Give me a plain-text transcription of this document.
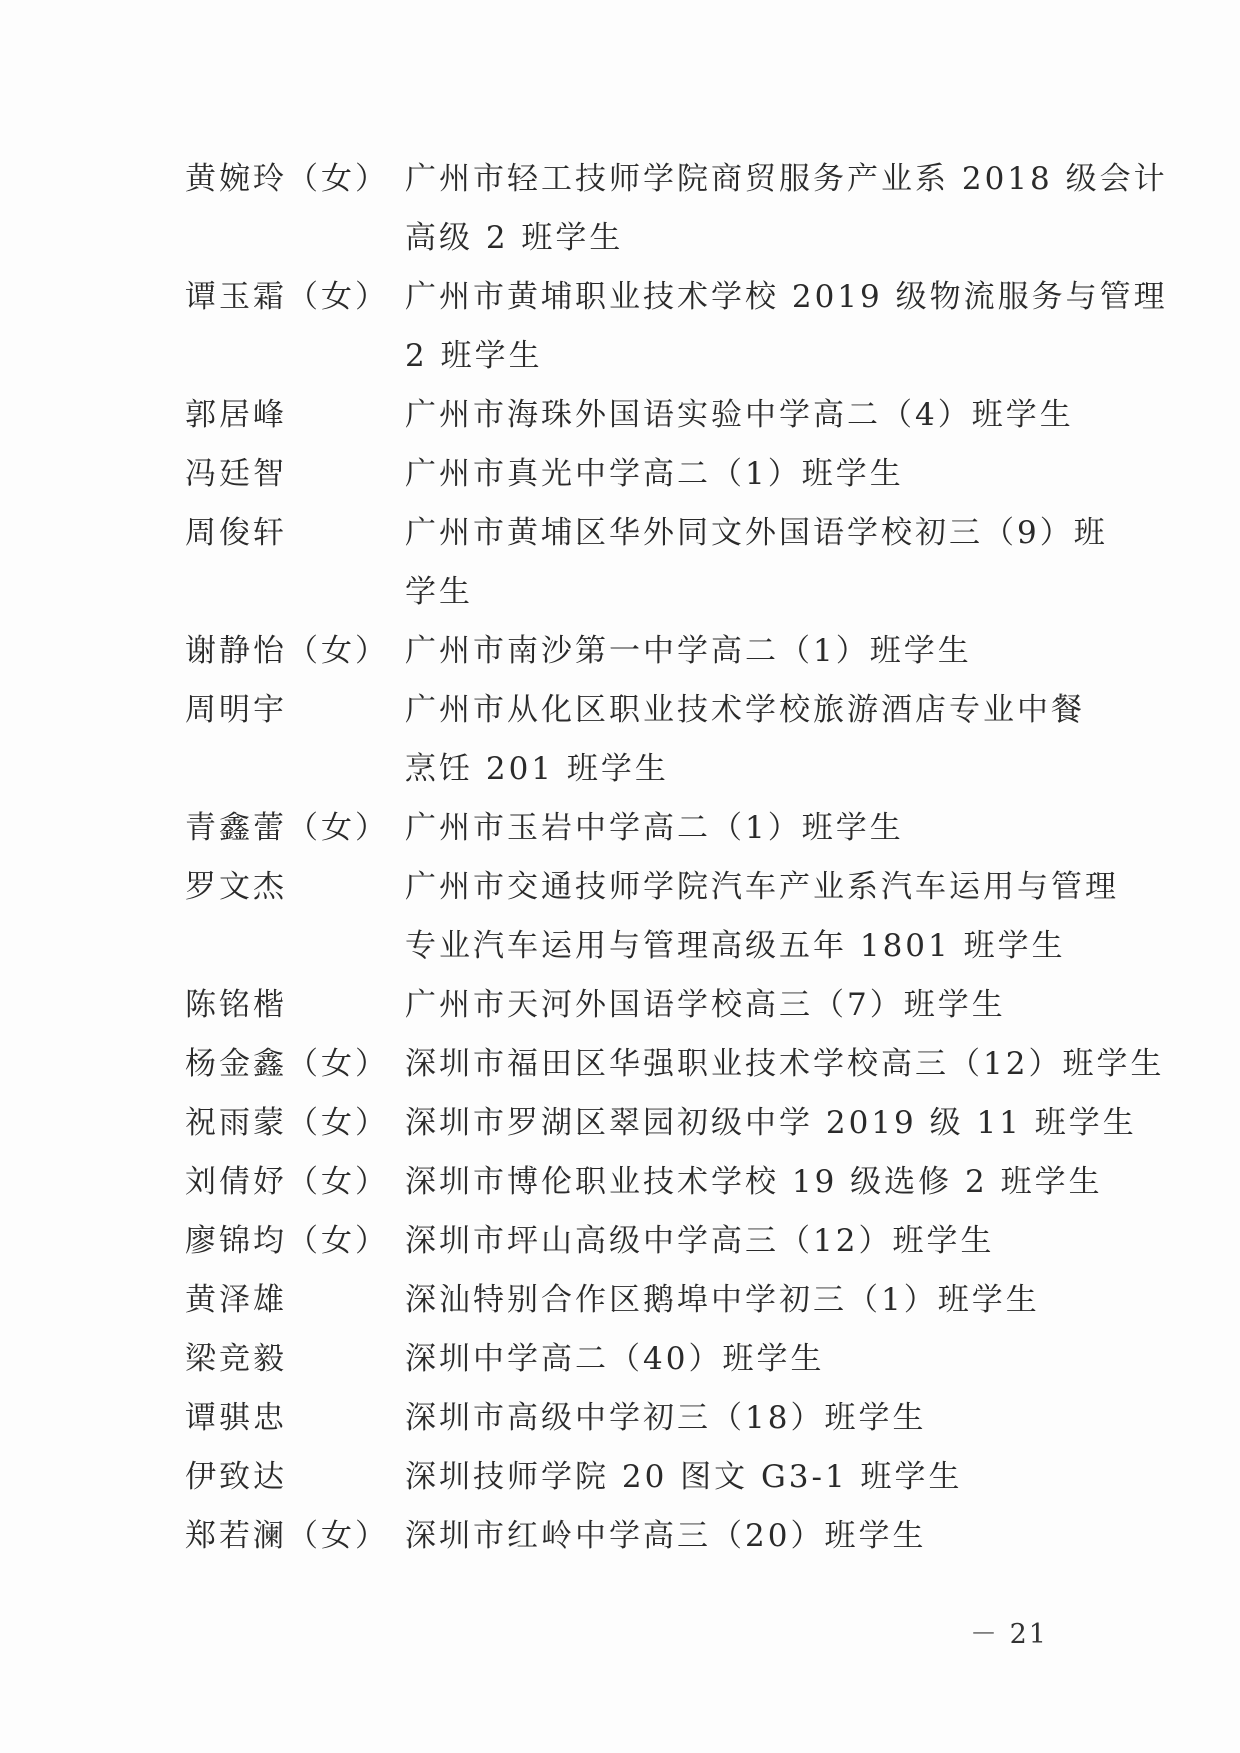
黄婉玲（女） 广州市轻工技师学院商贸服务产业系 2018 级会计
高级 2 班学生
谭玉霜（女） 广州市黄埔职业技术学校 2019 级物流服务与管理
2 班学生
郭居峰	广州市海珠外国语实验中学高二（4）班学生
冯廷智	广州市真光中学高二（1）班学生
周俊轩	广州市黄埔区华外同文外国语学校初三（9）班
学生
谢静怡（女） 广州市南沙第一中学高二（1）班学生
周明宇	广州市从化区职业技术学校旅游酒店专业中餐
烹饪 201 班学生
青鑫蕾（女） 广州市玉岩中学高二（1）班学生
罗文杰	广州市交通技师学院汽车产业系汽车运用与管理
专业汽车运用与管理高级五年 1801 班学生
陈铭楷	广州市天河外国语学校高三（7）班学生
杨金鑫（女） 深圳市福田区华强职业技术学校高三（12）班学生
祝雨蒙（女） 深圳市罗湖区翠园初级中学 2019 级 11 班学生
刘倩妤（女） 深圳市博伦职业技术学校 19 级选修 2 班学生
廖锦均（女） 深圳市坪山高级中学高三（12）班学生
黄泽雄	深汕特别合作区鹅埠中学初三（1）班学生
梁竞毅	深圳中学高二（40）班学生
谭骐忠	深圳市高级中学初三（18）班学生
伊致达	深圳技师学院 20 图文 G3-1 班学生
郑若澜（女） 深圳市红岭中学高三（20）班学生
－ 21
